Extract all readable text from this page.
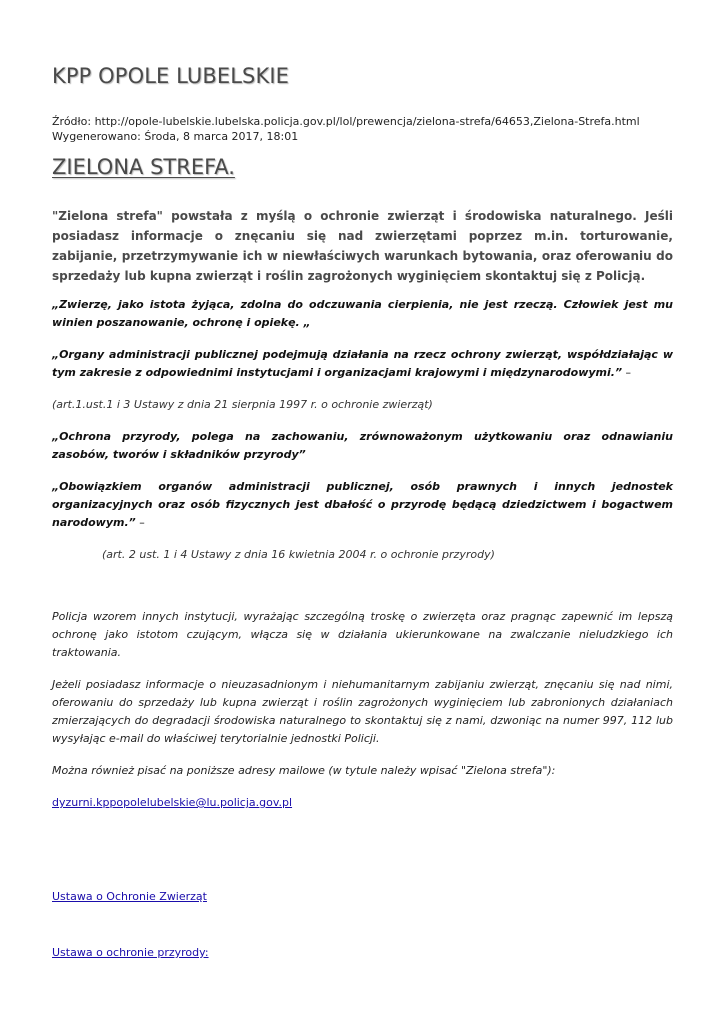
KPP OPOLE LUBELSKIE
Źródło: http://opole-lubelskie.lubelska.policja.gov.pl/lol/prewencja/zielona-strefa/64653,Zielona-Strefa.html
Wygenerowano: Środa, 8 marca 2017, 18:01
ZIELONA STREFA.

"Zielona strefa" powstała z myślą o ochronie zwierząt i środowiska naturalnego. Jeśli posiadasz informacje o znęcaniu się nad zwierzętami poprzez m.in. torturowanie, zabijanie, przetrzymywanie ich w niewłaściwych warunkach bytowania, oraz oferowaniu do sprzedaży lub kupna zwierząt i roślin zagrożonych wyginięciem skontaktuj się z Policją.

„Zwierzę, jako istota żyjąca, zdolna do odczuwania cierpienia, nie jest rzeczą. Człowiek jest mu winien poszanowanie, ochronę i opiekę. „

„Organy administracji publicznej podejmują działania na rzecz ochrony zwierząt, współdziałając w tym zakresie z odpowiednimi instytucjami i organizacjami krajowymi i międzynarodowymi.” –

(art.1.ust.1 i 3 Ustawy z dnia 21 sierpnia 1997 r. o ochronie zwierząt)

„Ochrona przyrody, polega na zachowaniu, zrównoważonym użytkowaniu oraz odnawianiu zasobów, tworów i składników przyrody”

„Obowiązkiem organów administracji publicznej, osób prawnych i innych jednostek organizacyjnych oraz osób fizycznych jest dbałość o przyrodę będącą dziedzictwem i bogactwem narodowym.” –

(art. 2 ust. 1 i 4 Ustawy z dnia 16 kwietnia 2004 r. o ochronie przyrody)

Policja wzorem innych instytucji, wyrażając szczególną troskę o zwierzęta oraz pragnąc zapewnić im lepszą ochronę jako istotom czującym, włącza się w działania ukierunkowane na zwalczanie nieludzkiego ich traktowania.

Jeżeli posiadasz informacje o nieuzasadnionym i niehumanitarnym zabijaniu zwierząt, znęcaniu się nad nimi, oferowaniu do sprzedaży lub kupna zwierząt i roślin zagrożonych wyginięciem lub zabronionych działaniach zmierzających do degradacji środowiska naturalnego to skontaktuj się z nami, dzwoniąc na numer 997, 112 lub wysyłając e-mail do właściwej terytorialnie jednostki Policji.

Można również pisać na poniższe adresy mailowe (w tytule należy wpisać "Zielona strefa"):

dyzurni.kppopolelubelskie@lu.policja.gov.pl
Ustawa o Ochronie Zwierząt
Ustawa o ochronie przyrody:
